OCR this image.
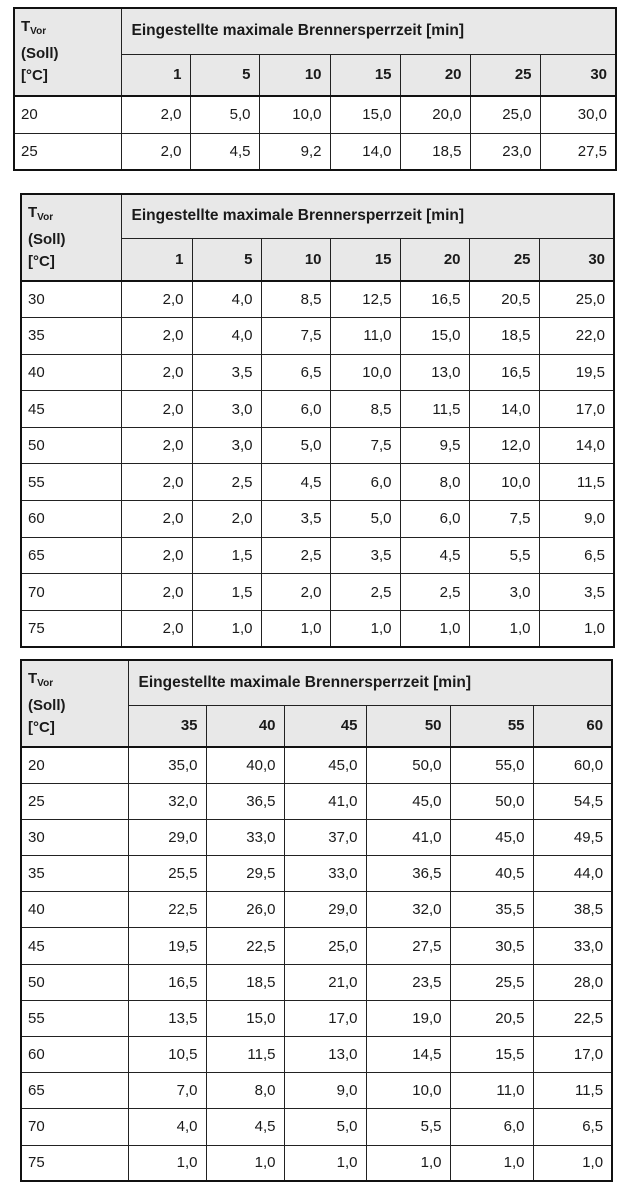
$T_{Vor}$
(Soll)
[°C]	Eingestellte maximale Brennersperrzeit [min]						
	1	5	10	15	20	25	30
20	2,0	5,0	10,0	15,0	20,0	25,0	30,0
25	2,0	4,5	9,2	14,0	18,5	23,0	27,5
$T_{Vor}$
(Soll)
[°C]	Eingestellte maximale Brennersperrzeit [min]						
	1	5	10	15	20	25	30
30	2,0	4,0	8,5	12,5	16,5	20,5	25,0
35	2,0	4,0	7,5	11,0	15,0	18,5	22,0
40	2,0	3,5	6,5	10,0	13,0	16,5	19,5
45	2,0	3,0	6,0	8,5	11,5	14,0	17,0
50	2,0	3,0	5,0	7,5	9,5	12,0	14,0
55	2,0	2,5	4,5	6,0	8,0	10,0	11,5
60	2,0	2,0	3,5	5,0	6,0	7,5	9,0
65	2,0	1,5	2,5	3,5	4,5	5,5	6,5
70	2,0	1,5	2,0	2,5	2,5	3,0	3,5
75	2,0	1,0	1,0	1,0	1,0	1,0	1,0
$T_{Vor}$
(Soll)
[°C]	Eingestellte maximale Brennersperrzeit [min]					
	35	40	45	50	55	60
20	35,0	40,0	45,0	50,0	55,0	60,0
25	32,0	36,5	41,0	45,0	50,0	54,5
30	29,0	33,0	37,0	41,0	45,0	49,5
35	25,5	29,5	33,0	36,5	40,5	44,0
40	22,5	26,0	29,0	32,0	35,5	38,5
45	19,5	22,5	25,0	27,5	30,5	33,0
50	16,5	18,5	21,0	23,5	25,5	28,0
55	13,5	15,0	17,0	19,0	20,5	22,5
60	10,5	11,5	13,0	14,5	15,5	17,0
65	7,0	8,0	9,0	10,0	11,0	11,5
70	4,0	4,5	5,0	5,5	6,0	6,5
75	1,0	1,0	1,0	1,0	1,0	1,0
